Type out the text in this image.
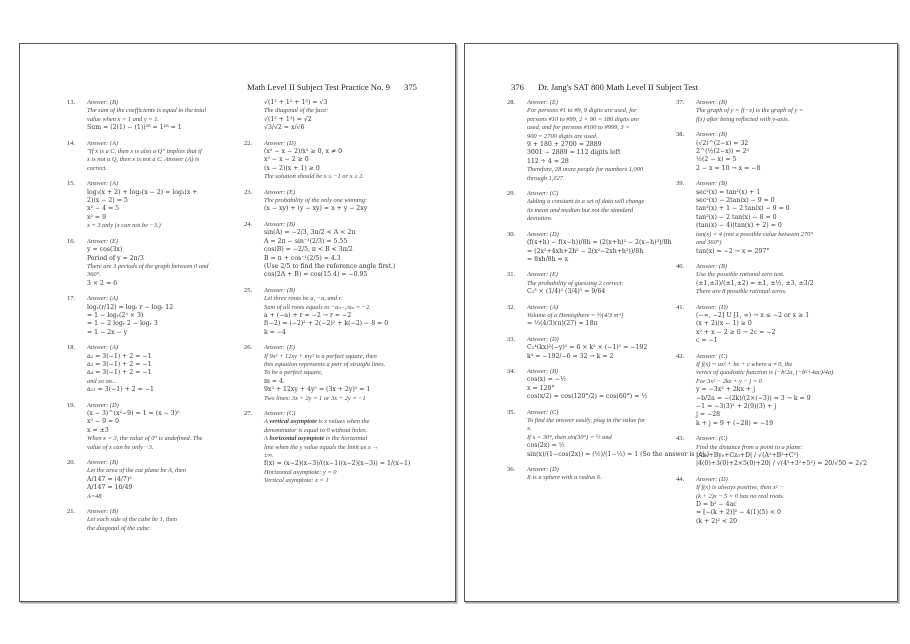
Math Level II Subject Test Practice No. 9 375
13. Answer: (B)
The sum of the coefficients is equal to the total
value when x = 1 and y = 1.
Sum = (2(1) − (1))²⁸ = 1²⁸ = 1
14. Answer: (A)
"If x is a C, then x is also a Q" implies that if
x is not a Q, then x is not a C. Answer (A) is
correct.
15. Answer: (A)
log₃(x + 2) + log₃(x − 2) = log₃(x +
2)(x − 2) = 5
x² − 4 = 5
x² = 9
x = 3 only (x can not be −3.)
16. Answer: (E)
y = cos(3x)
Period of y = 2π/3
There are 3 periods of the graph between 0 and
360°.
3 × 2 = 6
17. Answer: (A)
logᵣ(r/12) = logᵣ r − logᵣ 12
= 1 − logᵣ(2² × 3)
= 1 − 2 logᵣ 2 − logᵣ 3
= 1 − 2x − y
18. Answer: (A)
a₂ = 3(−1) + 2 = −1
a₃ = 3(−1) + 2 = −1
a₄ = 3(−1) + 2 = −1
and so on…
a₁₁ = 3(−1) + 2 = −1
19. Answer: (D)
(x − 3)^(x²−9) = 1 = (x − 3)⁰
x² − 9 = 0
x = ±3
When x = 3, the value of 0⁰ is undefined. The
value of x can be only −3.
20. Answer: (B)
Let the area of the cut plane be A, then
A/147 = (4/7)²
A/147 = 16/49
A=48
21. Answer: (B)
Let each side of the cube be 1, then
the diagonal of the cube:
√(1² + 1² + 1²) = √3
The diagonal of the face:
√(1² + 1²) = √2
√3/√2 = x/√6
22. Answer: (D)
(x² − x − 2)/x² ≥ 0, x ≠ 0
x² − x − 2 ≥ 0
(x − 2)(x + 1) ≥ 0
The solution should be x ≤ −1 or x ≥ 2.
23. Answer: (E)
The probability of the only one winning:
(x − xy) + (y − xy) = x + y − 2xy
24. Answer: (B)
sin(A) = −2/3, 3π/2 < A < 2π
A = 2π − sin⁻¹(2/3) = 5.55
cos(B) = −2/5, π < B < 3π/2
B = π + cos⁻¹(2/5) = 4.3
(Use 2/5 to find the reference angle first.)
cos(2A + B) = cos(15.4) = −0.95
25. Answer: (B)
Let three roots be a, −a, and r.
Sum of all roots equals to −aₙ₋₁/aₙ = −2.
a + (−a) + r = −2 → r = −2
f(−2) = (−2)³ + 2(−2)² + k(−2) − 8 = 0
k = −4
26. Answer: (E)
If 9x² + 12xy + my² is a perfect square, then
this equation represents a pair of straight lines.
To be a perfect square,
m = 4.
9x² + 12xy + 4y² = (3x + 2y)² = 1
Two lines: 3x + 2y = 1 or 3x + 2y = −1
27. Answer: (C)
A vertical asymptote is x values when the
denominator is equal to 0 without holes.
A horizontal asymptote is the horizontal
line when the y value equals the limit as x →
±∞.
f(x) = (x−2)(x−3)/((x−1)(x−2)(x−3)) = 1/(x−1)
Horizontal asymptote: y = 0
Vertical asymptote: x = 1
376 Dr. Jang's SAT 800 Math Level II Subject Test
28. Answer: (E)
For persons #1 to #9, 9 digits are used, for
persons #10 to #99, 2 × 90 = 180 digits are
used, and for persons #100 to #999, 3 ×
900 = 2700 digits are used.
9 + 180 + 2700 = 2889
3001 − 2889 = 112 digits left
112 ÷ 4 = 28
Therefore, 28 more people for numbers 1,000
through 1,027.
29. Answer: (C)
Adding a constant to a set of data will change
its mean and median but not the standard
deviation.
30. Answer: (D)
(f(x+h) − f(x−h))/8h = (2(x+h)² − 2(x−h)²)/8h
= (2x²+4xh+2h² − 2(x²−2xh+h²))/8h
= 8xh/8h = x
31. Answer: (E)
The probability of guessing 2 correct:
C₂³ × (1/4)² (3/4)¹ = 9/64
32. Answer: (A)
Volume of a Hemisphere = ½(4/3 πr³)
= ½(4/3)(π)(27) = 18π
33. Answer: (D)
C₂⁴(kx)²(−y)¹ = 6 × k² × (−1)¹ = −192
k² = −192/−6 = 32 → k = 2
34. Answer: (B)
cos(x) = −½
x = 120°
cos(x/2) = cos(120°/2) = cos(60°) = ½
35. Answer: (C)
To find the answer easily, plug in the value for
x.
If x = 30°, then sin(30°) = ½ and
cos(2x) = ½
sin(x)/(1−cos(2x)) = (½)/(1−½) = 1 (So the answer is (c).)
36. Answer: (D)
It is a sphere with a radius 6.
37. Answer: (B)
The graph of y = f(−x) is the graph of y =
f(x) after being reflected with y-axis.
38. Answer: (B)
(√2)^(2−x) = 32
2^(½(2−x)) = 2⁵
½(2 − x) = 5
2 − x = 10 → x = −8
39. Answer: (B)
sec²(x) = tan²(x) + 1
sec²(x) − 2tan(x) − 9 = 0
tan²(x) + 1 − 2 tan(x) − 9 = 0
tan²(x) − 2 tan(x) − 8 = 0
(tan(x) − 4)(tan(x) + 2) = 0
tan(x) = 4 (not a possible value between 270°
and 360°)
tan(x) = −2 → x = 297°
40. Answer: (B)
Use the possible rational zero test.
(±1,±3)/(±1,±2) = ±1, ±½, ±3, ±3/2
There are 8 possible rational zeros.
41. Answer: (D)
(−∞, −2] U [1, ∞) → x ≤ −2 or x ≥ 1
(x + 2)(x − 1) ≥ 0
x² + x − 2 ≥ 0 → 2c = −2
c = −1
42. Answer: (C)
If f(x) = ax² + bx + c where a ≠ 0, the
vertex of quadratic function is (−b/2a, (−b²+4ac)/4a).
For 3x² − 2kx + y − j = 0
y = −3x² + 2kx + j
−b/2a = −(2k)/(2×(−3)) = 3 → k = 9
−1 = −3(3)² + 2(9)(3) + j
j = −28
k + j = 9 + (−28) = −19
43. Answer: (C)
Find the distance from a point to a plane:
|Ax₀+By₀+Cz₀+D| / √(A²+B²+C²)
|4(0)+3(0)+2×5(0)+20| / √(4²+3²+5²) = 20/√50 = 2√2
44. Answer: (D)
If f(x) is always positive, then x² −
(k + 2)x − 5 = 0 has no real roots.
D = b² − 4ac
= [−(k + 2)]² − 4(1)(5) < 0
(k + 2)² < 20
